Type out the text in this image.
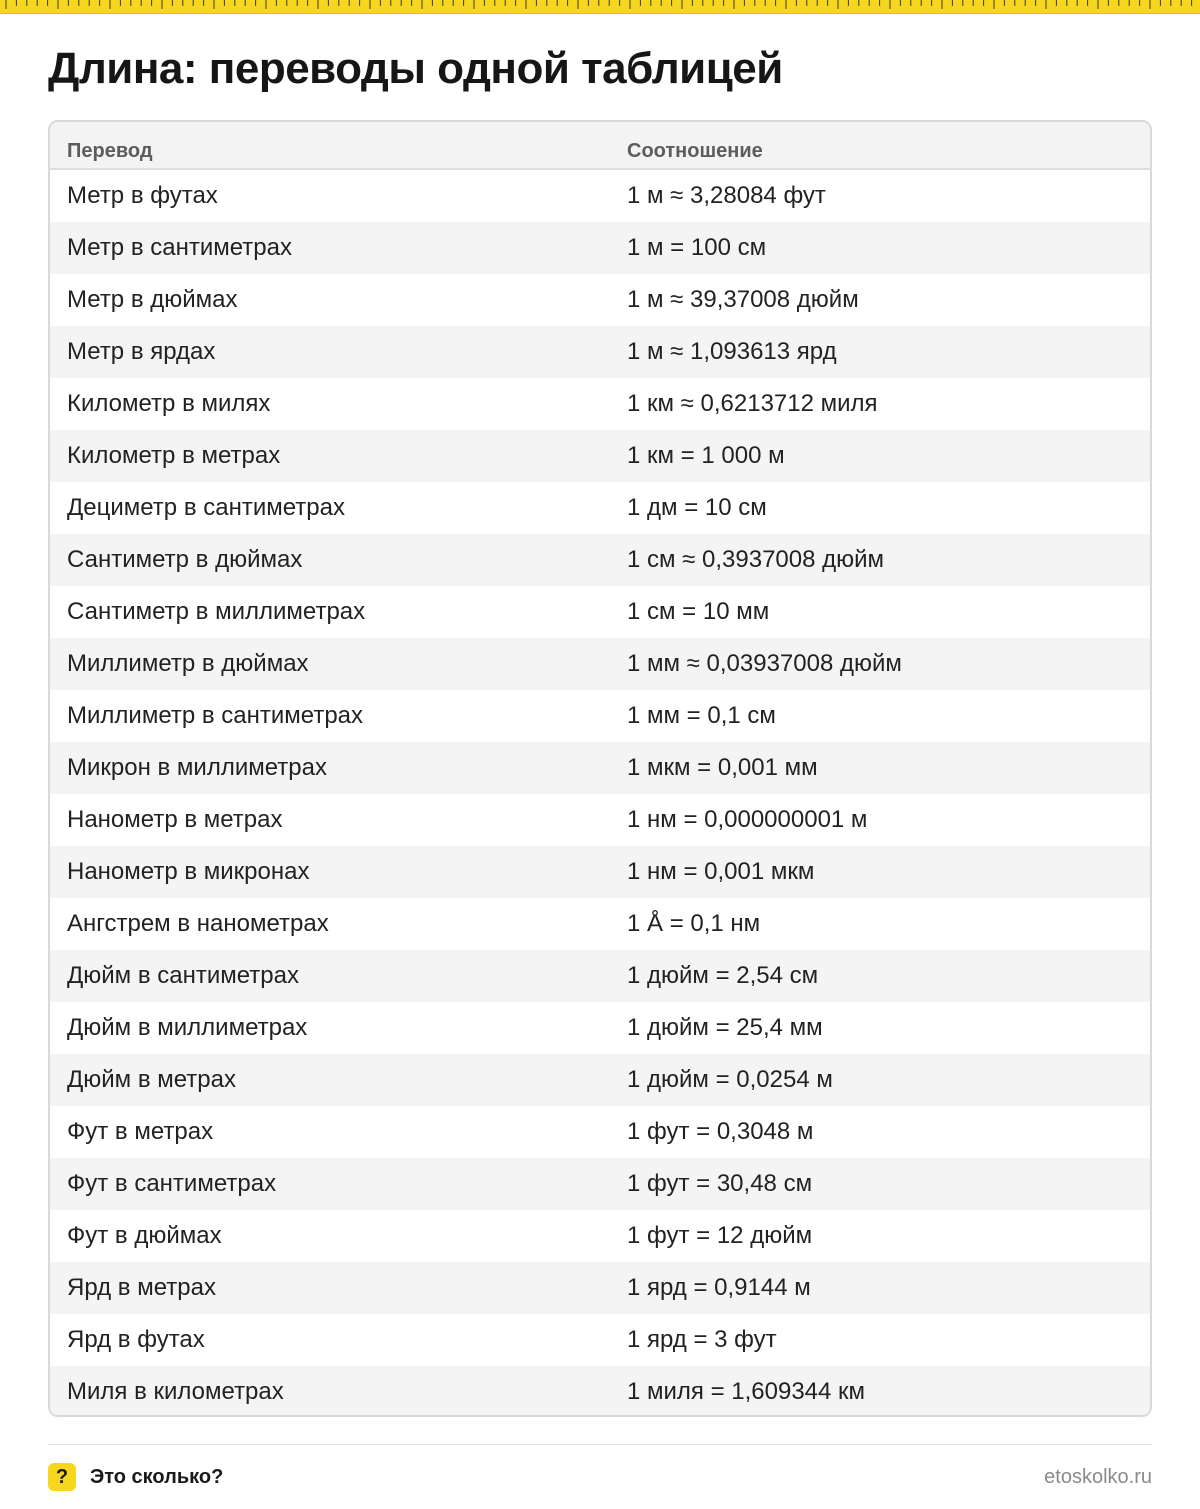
Длина: переводы одной таблицей
Перевод	Соотношение
Метр в футах	1 м ≈ 3,28084 фут
Метр в сантиметрах	1 м = 100 см
Метр в дюймах	1 м ≈ 39,37008 дюйм
Метр в ярдах	1 м ≈ 1,093613 ярд
Километр в милях	1 км ≈ 0,6213712 миля
Километр в метрах	1 км = 1 000 м
Дециметр в сантиметрах	1 дм = 10 см
Сантиметр в дюймах	1 см ≈ 0,3937008 дюйм
Сантиметр в миллиметрах	1 см = 10 мм
Миллиметр в дюймах	1 мм ≈ 0,03937008 дюйм
Миллиметр в сантиметрах	1 мм = 0,1 см
Микрон в миллиметрах	1 мкм = 0,001 мм
Нанометр в метрах	1 нм = 0,000000001 м
Нанометр в микронах	1 нм = 0,001 мкм
Ангстрем в нанометрах	1 Å = 0,1 нм
Дюйм в сантиметрах	1 дюйм = 2,54 см
Дюйм в миллиметрах	1 дюйм = 25,4 мм
Дюйм в метрах	1 дюйм = 0,0254 м
Фут в метрах	1 фут = 0,3048 м
Фут в сантиметрах	1 фут = 30,48 см
Фут в дюймах	1 фут = 12 дюйм
Ярд в метрах	1 ярд = 0,9144 м
Ярд в футах	1 ярд = 3 фут
Миля в километрах	1 миля = 1,609344 км
?	Это сколько?	etoskolko.ru
